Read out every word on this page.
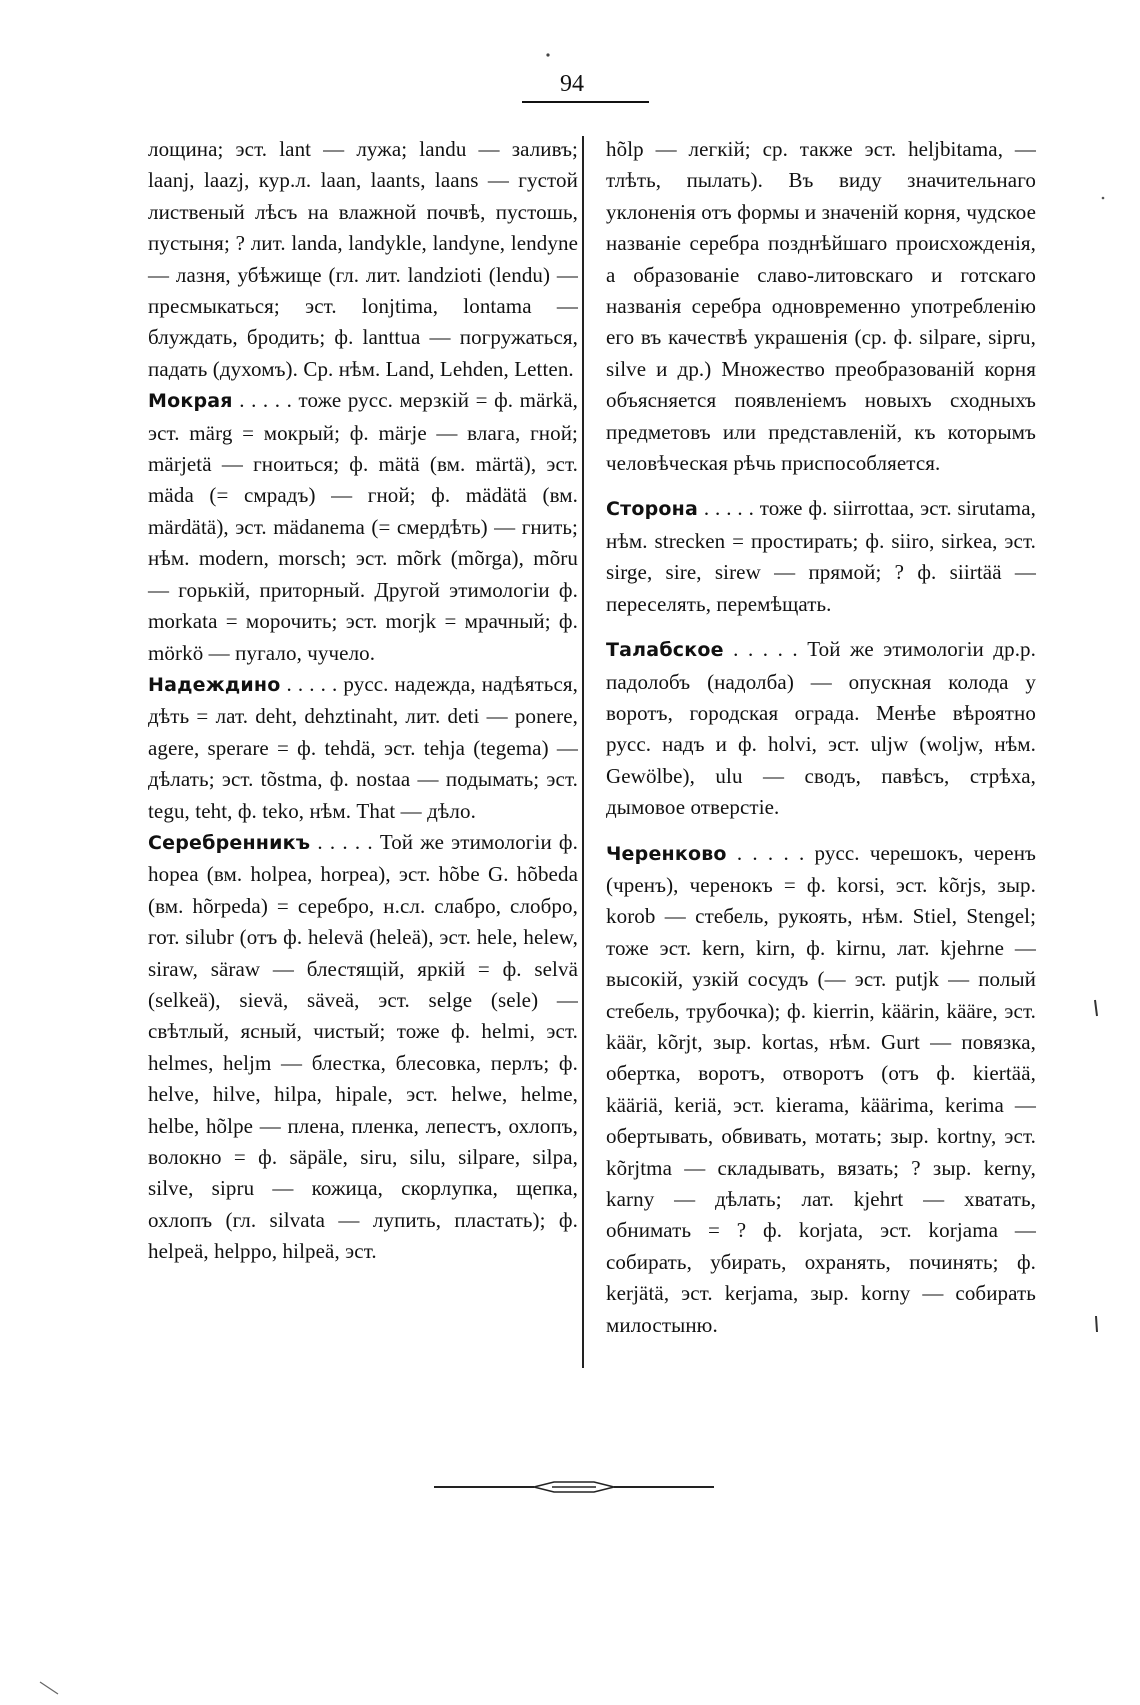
94

лощина; эст. lant — лужа; landu — заливъ; laanj, laazj, кур.л. laan, laants, laans — густой лиственый лѣсъ на влажной почвѣ, пустошь, пустыня; ? лит. landa, landykle, landyne, lendyne — лазня, убѣжище (гл. лит. landzioti (lendu) — пресмыкаться; эст. lonjtima, lontama — блуждать, бродить; ф. lanttua — погружаться, падать (духомъ). Ср. нѣм. Land, Lehden, Letten.

Мокрая . . . . . тоже русс. мерзкій = ф. märkä, эст. märg = мокрый; ф. märje — влага, гной; märjetä — гноиться; ф. mätä (вм. märtä), эст. mäda (= смрадъ) — гной; ф. mädätä (вм. märdätä), эст. mädanema (= смердѣть) — гнить; нѣм. modern, morsch; эст. mõrk (mõrga), mõru — горькій, приторный. Другой этимологіи ф. morkata = морочить; эст. morjk = мрачный; ф. mörkö — пугало, чучело.

Надеждино . . . . . русс. надежда, надѣяться, дѣть = лат. deht, dehztinaht, лит. deti — ponere, agere, sperare = ф. tehdä, эст. tehja (tegema) — дѣлать; эст. tõstma, ф. nostaa — подымать; эст. tegu, teht, ф. teko, нѣм. That — дѣло.

Серебренникъ . . . . . Той же этимологіи ф. hopea (вм. holpea, horpea), эст. hõbe G. hõbeda (вм. hõrpeda) = серебро, н.сл. слабро, слобро, гот. silubr (отъ ф. helevä (heleä), эст. hele, helew, siraw, säraw — блестящій, яркій = ф. selvä (selkeä), sievä, säveä, эст. selge (sele) — свѣтлый, ясный, чистый; тоже ф. helmi, эст. helmes, heljm — блестка, блесовка, перлъ; ф. helve, hilve, hilpa, hipale, эст. helwe, helme, helbe, hõlpe — плена, пленка, лепестъ, охлопъ, волокно = ф. säpäle, siru, silu, silpare, silpa, silve, sipru — кожица, скорлупка, щепка, охлопъ (гл. silvata — лупить, пластать); ф. helpeä, helppo, hilpeä, эст.

hõlp — легкій; ср. также эст. heljbitama, — тлѣть, пылать). Въ виду значительнаго уклоненія отъ формы и значеній корня, чудское названіе серебра позднѣйшаго происхожденія, а образованіе славо-литовскаго и готскаго названія серебра одновременно употребленію его въ качествѣ украшенія (ср. ф. silpare, sipru, silve и др.) Множество преобразованій корня объясняется появленіемъ новыхъ сходныхъ предметовъ или представленій, къ которымъ человѣческая рѣчь приспособляется.

Сторона . . . . . тоже ф. siirrottaa, эст. sirutama, нѣм. strecken = простирать; ф. siiro, sirkea, эст. sirge, sire, sirew — прямой; ? ф. siirtää — переселять, перемѣщать.

Талабское . . . . . Той же этимологіи др.р. падолобъ (надолба) — опускная колода у воротъ, городская ограда. Менѣе вѣроятно русс. надъ и ф. holvi, эст. uljw (woljw, нѣм. Gewölbe), ulu — сводъ, павѣсъ, стрѣха, дымовое отверстіе.

Черенково . . . . . русс. черешокъ, черенъ (чренъ), черенокъ = ф. korsi, эст. kõrjs, зыр. korob — стебель, рукоять, нѣм. Stiel, Stengel; тоже эст. kern, kirn, ф. kirnu, лат. kjehrne — высокій, узкій сосудъ (— эст. putjk — полый стебель, трубочка); ф. kierrin, käärin, kääre, эст. käär, kõrjt, зыр. kortas, нѣм. Gurt — повязка, обертка, воротъ, отворотъ (отъ ф. kiertää, kääriä, keriä, эст. kierama, käärima, kerima — обертывать, обвивать, мотать; зыр. kortny, эст. kõrjtma — складывать, вязать; ? зыр. kerny, karny — дѣлать; лат. kjehrt — хватать, обнимать = ? ф. korjata, эст. korjama — собирать, убирать, охранять, починять; ф. kerjätä, эст. kerjama, зыр. korny — собирать милостыню.
